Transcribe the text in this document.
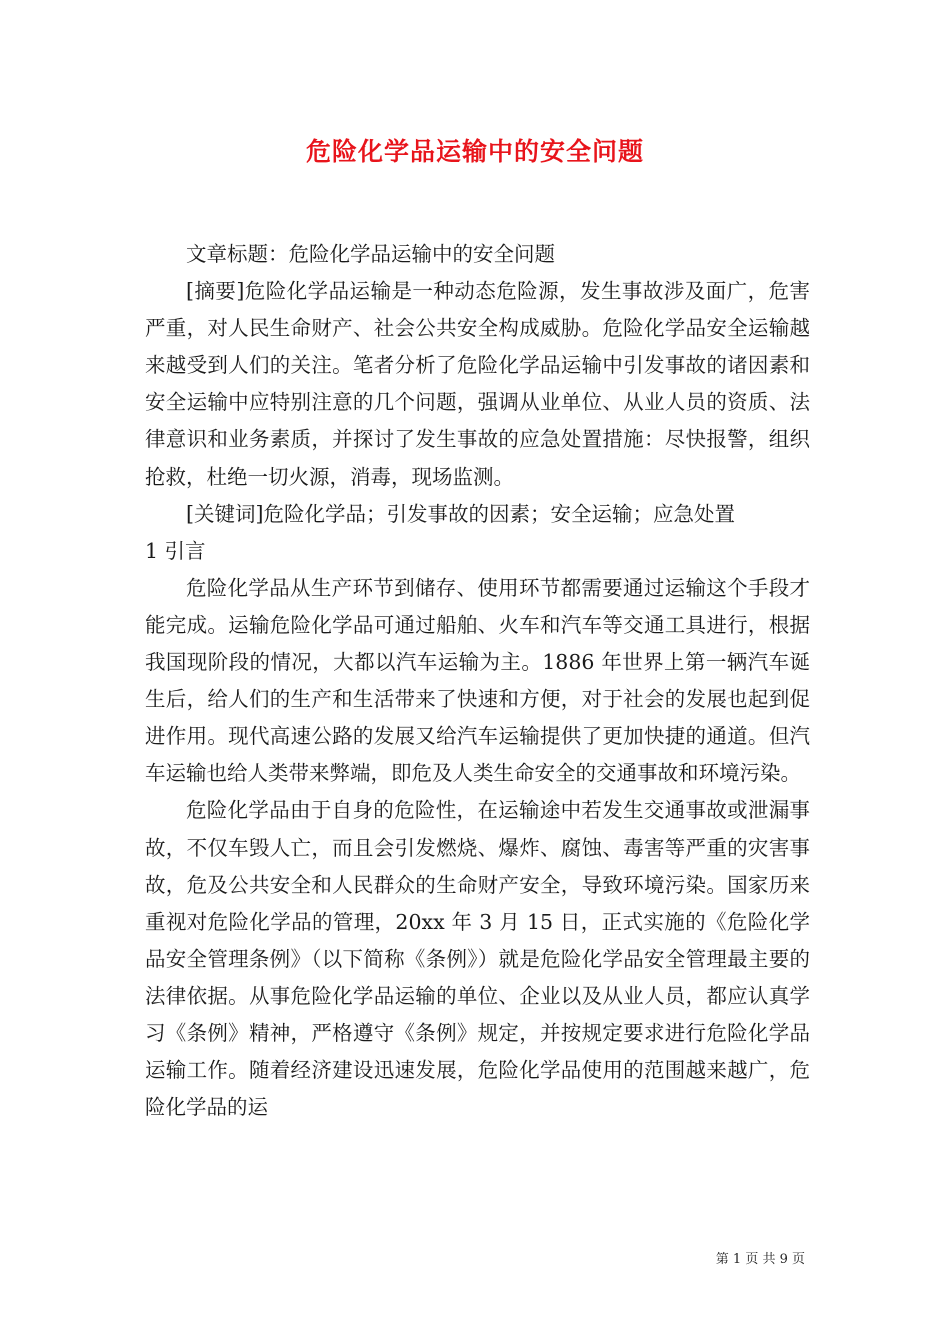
危险化学品运输中的安全问题

文章标题：危险化学品运输中的安全问题

[摘要]危险化学品运输是一种动态危险源，发生事故涉及面广，危害严重，对人民生命财产、社会公共安全构成威胁。危险化学品安全运输越来越受到人们的关注。笔者分析了危险化学品运输中引发事故的诸因素和安全运输中应特别注意的几个问题，强调从业单位、从业人员的资质、法律意识和业务素质，并探讨了发生事故的应急处置措施：尽快报警，组织抢救，杜绝一切火源，消毒，现场监测。

[关键词]危险化学品；引发事故的因素；安全运输；应急处置

1 引言

危险化学品从生产环节到储存、使用环节都需要通过运输这个手段才能完成。运输危险化学品可通过船舶、火车和汽车等交通工具进行，根据我国现阶段的情况，大都以汽车运输为主。1886 年世界上第一辆汽车诞生后，给人们的生产和生活带来了快速和方便，对于社会的发展也起到促进作用。现代高速公路的发展又给汽车运输提供了更加快捷的通道。但汽车运输也给人类带来弊端，即危及人类生命安全的交通事故和环境污染。

危险化学品由于自身的危险性，在运输途中若发生交通事故或泄漏事故，不仅车毁人亡，而且会引发燃烧、爆炸、腐蚀、毒害等严重的灾害事故，危及公共安全和人民群众的生命财产安全，导致环境污染。国家历来重视对危险化学品的管理，20xx 年 3 月 15 日，正式实施的《危险化学品安全管理条例》（以下简称《条例》）就是危险化学品安全管理最主要的法律依据。从事危险化学品运输的单位、企业以及从业人员，都应认真学习《条例》精神，严格遵守《条例》规定，并按规定要求进行危险化学品运输工作。随着经济建设迅速发展，危险化学品使用的范围越来越广，危险化学品的运

第 1 页 共 9 页
